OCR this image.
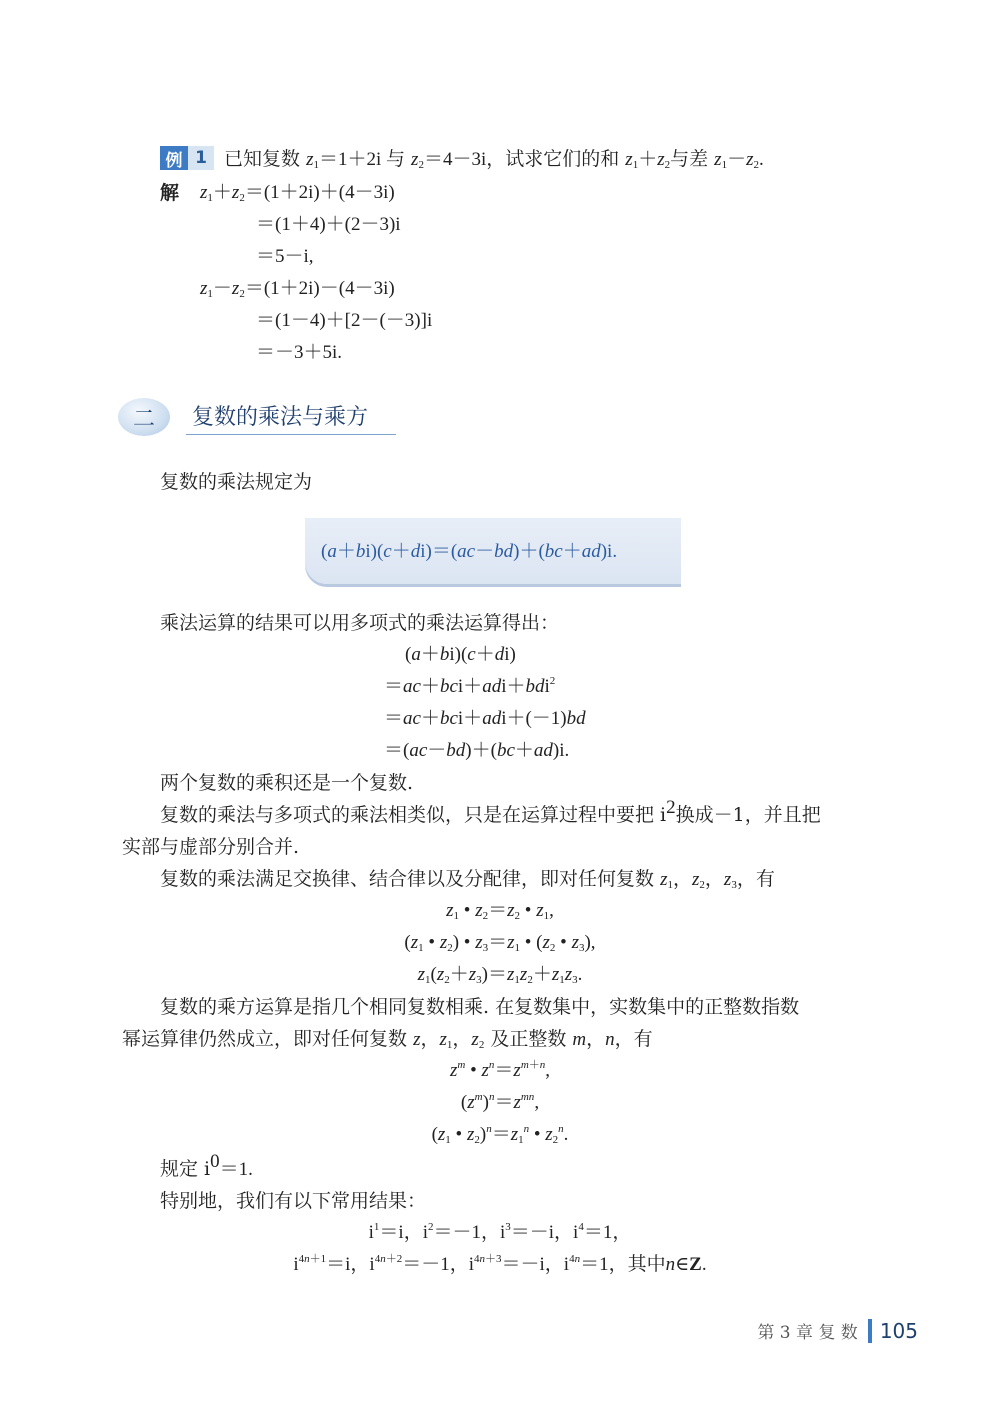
例 1 已知复数 $z_1=1+2i$ 与 $z_2=4-3i$，试求它们的和 $z_1+z_2$与差 $z_1-z_2$.
解 $z_1+z_2=(1+2i)+(4-3i)$
＝(1＋4)＋(2－3)i
＝5－i,
$z_1-z_2=(1+2i)-(4-3i)$
＝(1－4)＋[2－(－3)]i
＝－3＋5i.
二	复数的乘法与乘方
复数的乘法规定为
(a＋bi)(c＋di)＝(ac－bd)＋(bc＋ad)i.
乘法运算的结果可以用多项式的乘法运算得出：
(a＋bi)(c＋di)
＝ac＋bci＋adi＋bdi$^2$
＝ac＋bci＋adi＋(－1)bd
＝(ac－bd)＋(bc＋ad)i.
两个复数的乘积还是一个复数.
复数的乘法与多项式的乘法相类似，只是在运算过程中要把 $i^2$换成－1，并且把
实部与虚部分别合并.
复数的乘法满足交换律、结合律以及分配律，即对任何复数 $z_1$，$z_2$，$z_3$，有
$z_1$ • $z_2=z_2$ • $z_1$,
($z_1$ • $z_2$) • $z_3=z_1$ • ($z_2$ • $z_3$),
$z_1(z_2+z_3)=z_1z_2+z_1z_3$.
复数的乘方运算是指几个相同复数相乘. 在复数集中，实数集中的正整数指数
幂运算律仍然成立，即对任何复数 z，$z_1$，$z_2$ 及正整数 m，n，有
$z^m$ • $z^n=z^{m+n}$,
$(z^m)^n=z^{mn}$,
($z_1$ • $z_2)^n=z_1^n$ • $z_2^n$.
规定 $i^0=1$.
特别地，我们有以下常用结果：
$i^1=i$，$i^2=-1$，$i^3=-i$，$i^4=1$，
$i^{4n+1}=i$，$i^{4n+2}=-1$，$i^{4n+3}=-i$，$i^{4n}=1$，其中n∈Z.
第 3 章 复 数 105
